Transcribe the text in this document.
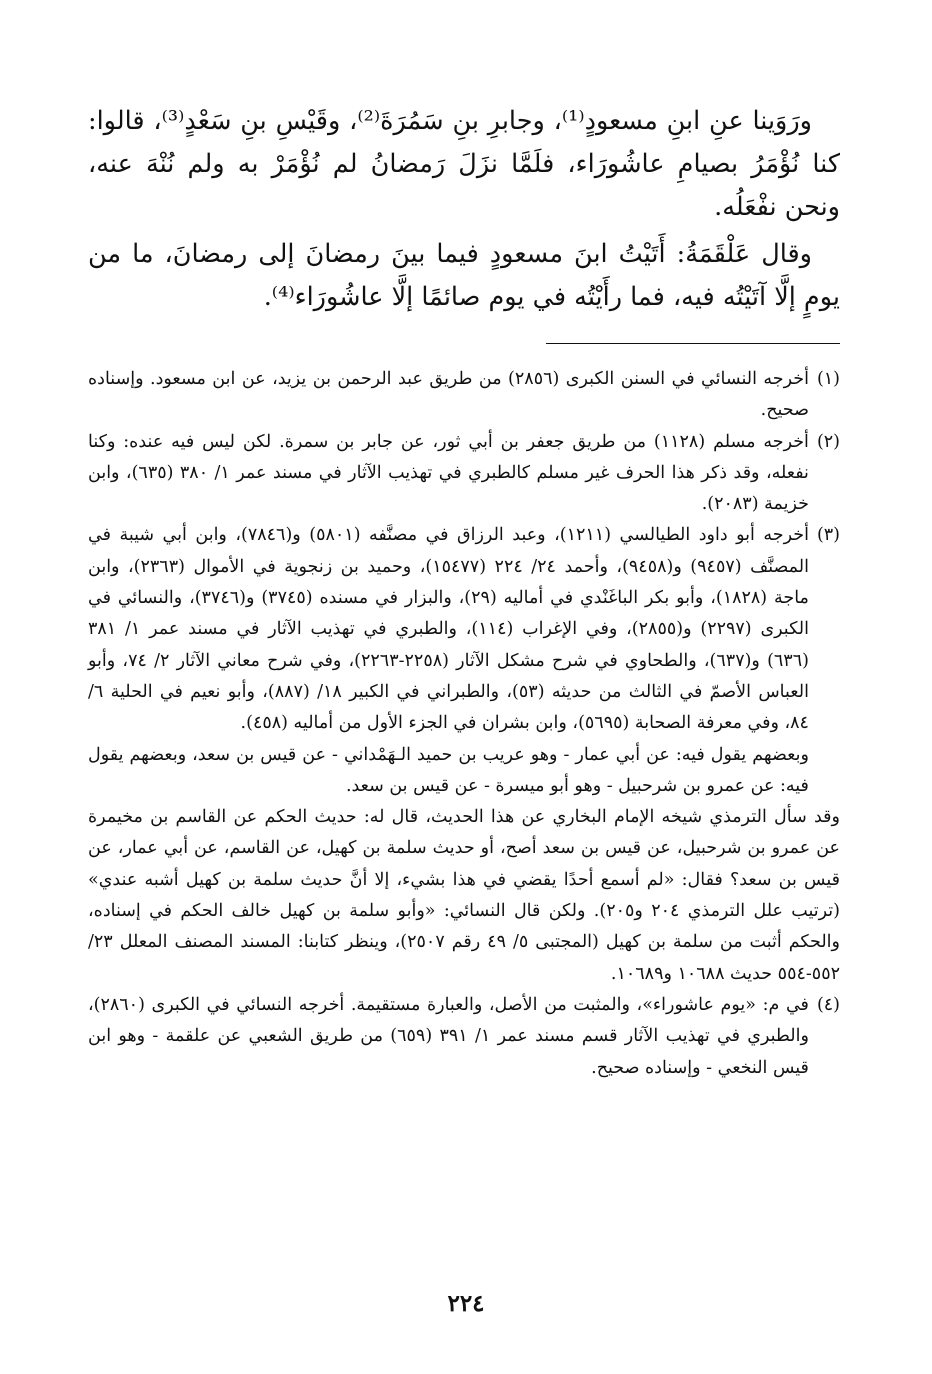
ورَوَينا عنِ ابنِ مسعودٍ⁽¹⁾، وجابرِ بنِ سَمُرَةَ⁽²⁾، وقَيْسِ بنِ سَعْدٍ⁽³⁾، قالوا: كنا نُؤْمَرُ بصيامِ عاشُورَاء، فلَمَّا نزَلَ رَمضانُ لم نُؤْمَرْ به ولم نُنْهَ عنه، ونحن نفْعَلُه.

وقال عَلْقَمَةُ: أَتَيْتُ ابنَ مسعودٍ فيما بينَ رمضانَ إلى رمضانَ، ما من يومٍ إلَّا آتَيْتُه فيه، فما رأَيْتُه في يوم صائمًا إلَّا عاشُورَاء⁽⁴⁾.

(١)

أخرجه النسائي في السنن الكبرى (٢٨٥٦) من طريق عبد الرحمن بن يزيد، عن ابن مسعود. وإسناده صحيح.

(٢)

أخرجه مسلم (١١٢٨) من طريق جعفر بن أبي ثور، عن جابر بن سمرة. لكن ليس فيه عنده: وكنا نفعله، وقد ذكر هذا الحرف غير مسلم كالطبري في تهذيب الآثار في مسند عمر ١/ ٣٨٠ (٦٣٥)، وابن خزيمة (٢٠٨٣).

(٣)

أخرجه أبو داود الطيالسي (١٢١١)، وعبد الرزاق في مصنَّفه (٥٨٠١) و(٧٨٤٦)، وابن أبي شيبة في المصنَّف (٩٤٥٧) و(٩٤٥٨)، وأحمد ٢٤/ ٢٢٤ (١٥٤٧٧)، وحميد بن زنجوية في الأموال (٢٣٦٣)، وابن ماجة (١٨٢٨)، وأبو بكر الباغَنْدي في أماليه (٢٩)، والبزار في مسنده (٣٧٤٥) و(٣٧٤٦)، والنسائي في الكبرى (٢٢٩٧) و(٢٨٥٥)، وفي الإغراب (١١٤)، والطبري في تهذيب الآثار في مسند عمر ١/ ٣٨١ (٦٣٦) و(٦٣٧)، والطحاوي في شرح مشكل الآثار (٢٢٥٨-٢٢٦٣)، وفي شرح معاني الآثار ٢/ ٧٤، وأبو العباس الأصمّ في الثالث من حديثه (٥٣)، والطبراني في الكبير ١٨/ (٨٨٧)، وأبو نعيم في الحلية ٦/ ٨٤، وفي معرفة الصحابة (٥٦٩٥)، وابن بشران في الجزء الأول من أماليه (٤٥٨).

وبعضهم يقول فيه: عن أبي عمار - وهو عريب بن حميد الـهَمْداني - عن قيس بن سعد، وبعضهم يقول فيه: عن عمرو بن شرحبيل - وهو أبو ميسرة - عن قيس بن سعد.

وقد سأل الترمذي شيخه الإمام البخاري عن هذا الحديث، قال له: حديث الحكم عن القاسم بن مخيمرة عن عمرو بن شرحبيل، عن قيس بن سعد أصح، أو حديث سلمة بن كهيل، عن القاسم، عن أبي عمار، عن قيس بن سعد؟ فقال: «لم أسمع أحدًا يقضي في هذا بشيء، إلا أنَّ حديث سلمة بن كهيل أشبه عندي» (ترتيب علل الترمذي ٢٠٤ و٢٠٥). ولكن قال النسائي: «وأبو سلمة بن كهيل خالف الحكم في إسناده، والحكم أثبت من سلمة بن كهيل (المجتبى ٥/ ٤٩ رقم ٢٥٠٧)، وينظر كتابنا: المسند المصنف المعلل ٢٣/ ٥٥٢-٥٥٤ حديث ١٠٦٨٨ و١٠٦٨٩.

(٤)

في م: «يوم عاشوراء»، والمثبت من الأصل، والعبارة مستقيمة. أخرجه النسائي في الكبرى (٢٨٦٠)، والطبري في تهذيب الآثار قسم مسند عمر ١/ ٣٩١ (٦٥٩) من طريق الشعبي عن علقمة - وهو ابن قيس النخعي - وإسناده صحيح.

٢٢٤
